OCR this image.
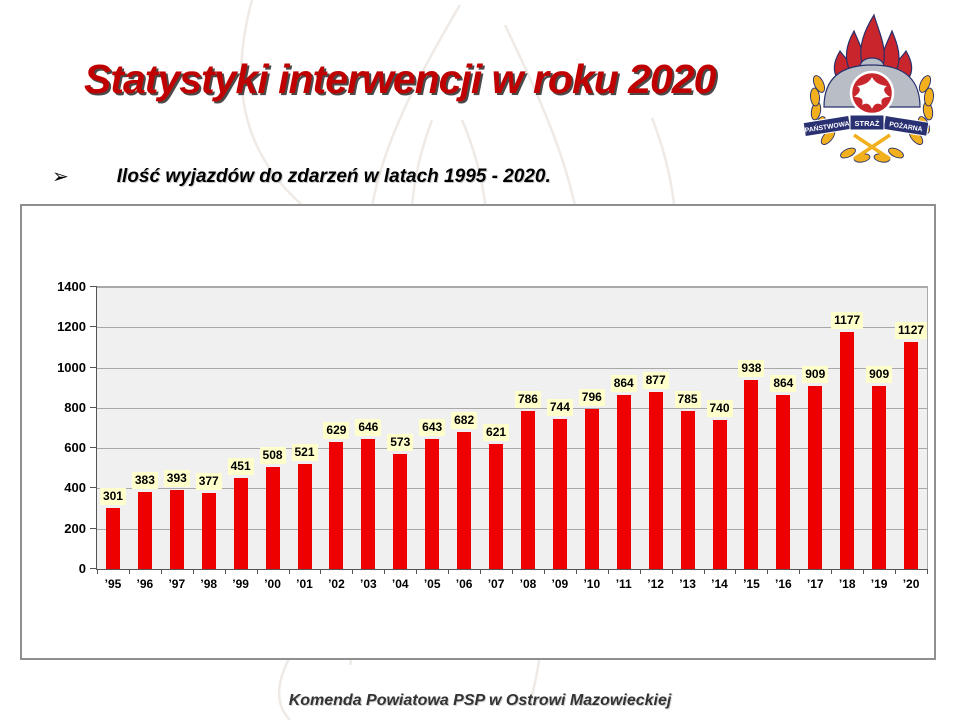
Statystyki interwencji w roku 2020
PAŃSTWOWA	POŻARNA
STRAŻ
➢	Ilość wyjazdów do zdarzeń w latach 1995 - 2020.
0
200
400
600
800
1000
1200
1400
301
383 393 377
451
508 521
629 646
573
643
682
621
786
744
796
864 877
785
740
938
864
909
1177
909
1127
’95 ’96 ’97 ’98 ’99 ’00 ’01 ’02 ’03 ’04 ’05 ’06 ’07 ’08 ’09 ’10 ’11 ’12 ’13 ’14 ’15 ’16 ’17 ’18 ’19 ’20
Komenda Powiatowa PSP w Ostrowi Mazowieckiej
